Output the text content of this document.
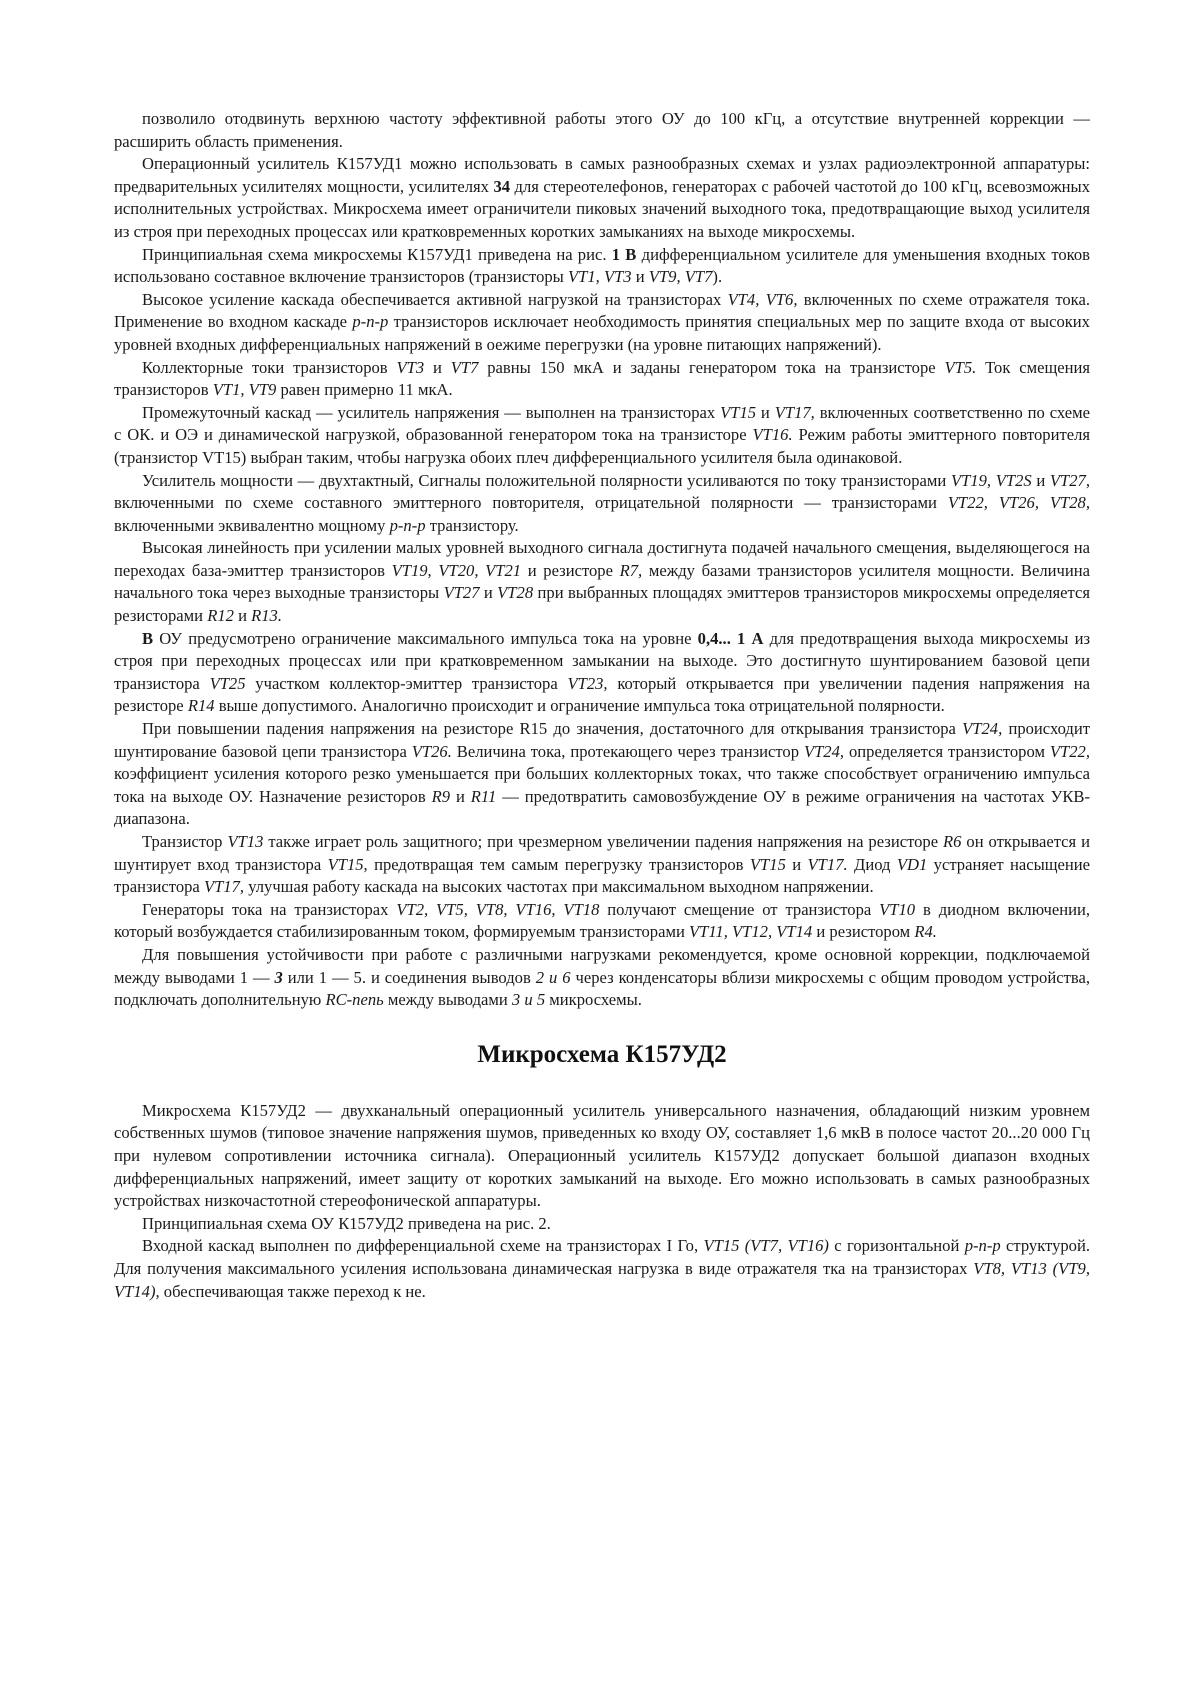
позволило отодвинуть верхнюю частоту эффективной работы этого ОУ до 100 кГц, а отсутствие внутренней коррекции — расширить область применения.

Операционный усилитель К157УД1 можно использовать в самых разнообразных схемах и узлах радиоэлектронной аппаратуры: предварительных усилителях мощности, усилителях 34 для стереотелефонов, генераторах с рабочей частотой до 100 кГц, всевозможных исполнительных устройствах. Микросхема имеет ограничители пиковых значений выходного тока, предотвращающие выход усилителя из строя при переходных процессах или кратковременных коротких замыканиях на выходе микросхемы.

Принципиальная схема микросхемы К157УД1 приведена на рис. 1 В дифференциальном усилителе для уменьшения входных токов использовано составное включение транзисторов (транзисторы VT1, VT3 и VT9, VT7).

Высокое усиление каскада обеспечивается активной нагрузкой на транзисторах VT4, VT6, включенных по схеме отражателя тока. Применение во входном каскаде р-п-р транзисторов исключает необходимость принятия специальных мер по защите входа от высоких уровней входных дифференциальных напряжений в оежиме перегрузки (на уровне питающих напряжений).

Коллекторные токи транзисторов VT3 и VT7 равны 150 мкА и заданы генератором тока на транзисторе VT5. Ток смещения транзисторов VT1, VT9 равен примерно 11 мкА.

Промежуточный каскад — усилитель напряжения — выполнен на транзисторах VT15 и VT17, включенных соответственно по схеме с ОК. и ОЭ и динамической нагрузкой, образованной генератором тока на транзисторе VT16. Режим работы эмиттерного повторителя (транзистор VT15) выбран таким, чтобы нагрузка обоих плеч дифференциального усилителя была одинаковой.

Усилитель мощности — двухтактный, Сигналы положительной полярности усиливаются по току транзисторами VT19, VT2S и VT27, включенными по схеме составного эмиттерного повторителя, отрицательной полярности — транзисторами VT22, VT26, VT28, включенными эквивалентно мощному р-п-р транзистору.

Высокая линейность при усилении малых уровней выходного сигнала достигнута подачей начального смещения, выделяющегося на переходах база-эмиттер транзисторов VT19, VT20, VT21 и резисторе R7, между базами транзисторов усилителя мощности. Величина начального тока через выходные транзисторы VT27 и VT28 при выбранных площадях эмиттеров транзисторов микросхемы определяется резисторами R12 и R13.

В ОУ предусмотрено ограничение максимального импульса тока на уровне 0,4... 1 А для предотвращения выхода микросхемы из строя при переходных процессах или при кратковременном замыкании на выходе. Это достигнуто шунтированием базовой цепи транзистора VT25 участком коллектор-эмиттер транзистора VT23, который открывается при увеличении падения напряжения на резисторе R14 выше допустимого. Аналогично происходит и ограничение импульса тока отрицательной полярности.

При повышении падения напряжения на резисторе R15 до значения, достаточного для открывания транзистора VT24, происходит шунтирование базовой цепи транзистора VT26. Величина тока, протекающего через транзистор VT24, определяется транзистором VT22, коэффициент усиления которого резко уменьшается при больших коллекторных токах, что также способствует ограничению импульса тока на выходе ОУ. Назначение резисторов R9 и R11 — предотвратить самовозбуждение ОУ в режиме ограничения на частотах УКВ-диапазона.

Транзистор VT13 также играет роль защитного; при чрезмерном увеличении падения напряжения на резисторе R6 он открывается и шунтирует вход транзистора VT15, предотвращая тем самым перегрузку транзисторов VT15 и VT17. Диод VD1 устраняет насыщение транзистора VT17, улучшая работу каскада на высоких частотах при максимальном выходном напряжении.

Генераторы тока на транзисторах VT2, VT5, VT8, VT16, VT18 получают смещение от транзистора VT10 в диодном включении, который возбуждается стабилизированным током, формируемым транзисторами VT11, VT12, VT14 и резистором R4.

Для повышения устойчивости при работе с различными нагрузками рекомендуется, кроме основной коррекции, подключаемой между выводами 1 — 3 или 1 — 5. и соединения выводов 2 и 6 через конденсаторы вблизи микросхемы с общим проводом устройства, подключать дополнительную RC-пепь между выводами 3 и 5 микросхемы.

Микросхема К157УД2

Микросхема К157УД2 — двухканальный операционный усилитель универсального назначения, обладающий низким уровнем собственных шумов (типовое значение напряжения шумов, приведенных ко входу ОУ, составляет 1,6 мкВ в полосе частот 20...20 000 Гц при нулевом сопротивлении источника сигнала). Операционный усилитель К157УД2 допускает большой диапазон входных дифференциальных напряжений, имеет защиту от коротких замыканий на выходе. Его можно использовать в самых разнообразных устройствах низкочастотной стереофонической аппаратуры.

Принципиальная схема ОУ К157УД2 приведена на рис. 2.

Входной каскад выполнен по дифференциальной схеме на транзисторах I Го, VT15 (VT7, VT16) с горизонтальной р-п-р структурой. Для получения максимального усиления использована динамическая нагрузка в виде отражателя тка на транзисторах VT8, VT13 (VT9, VT14), обеспечивающая также переход к не.
